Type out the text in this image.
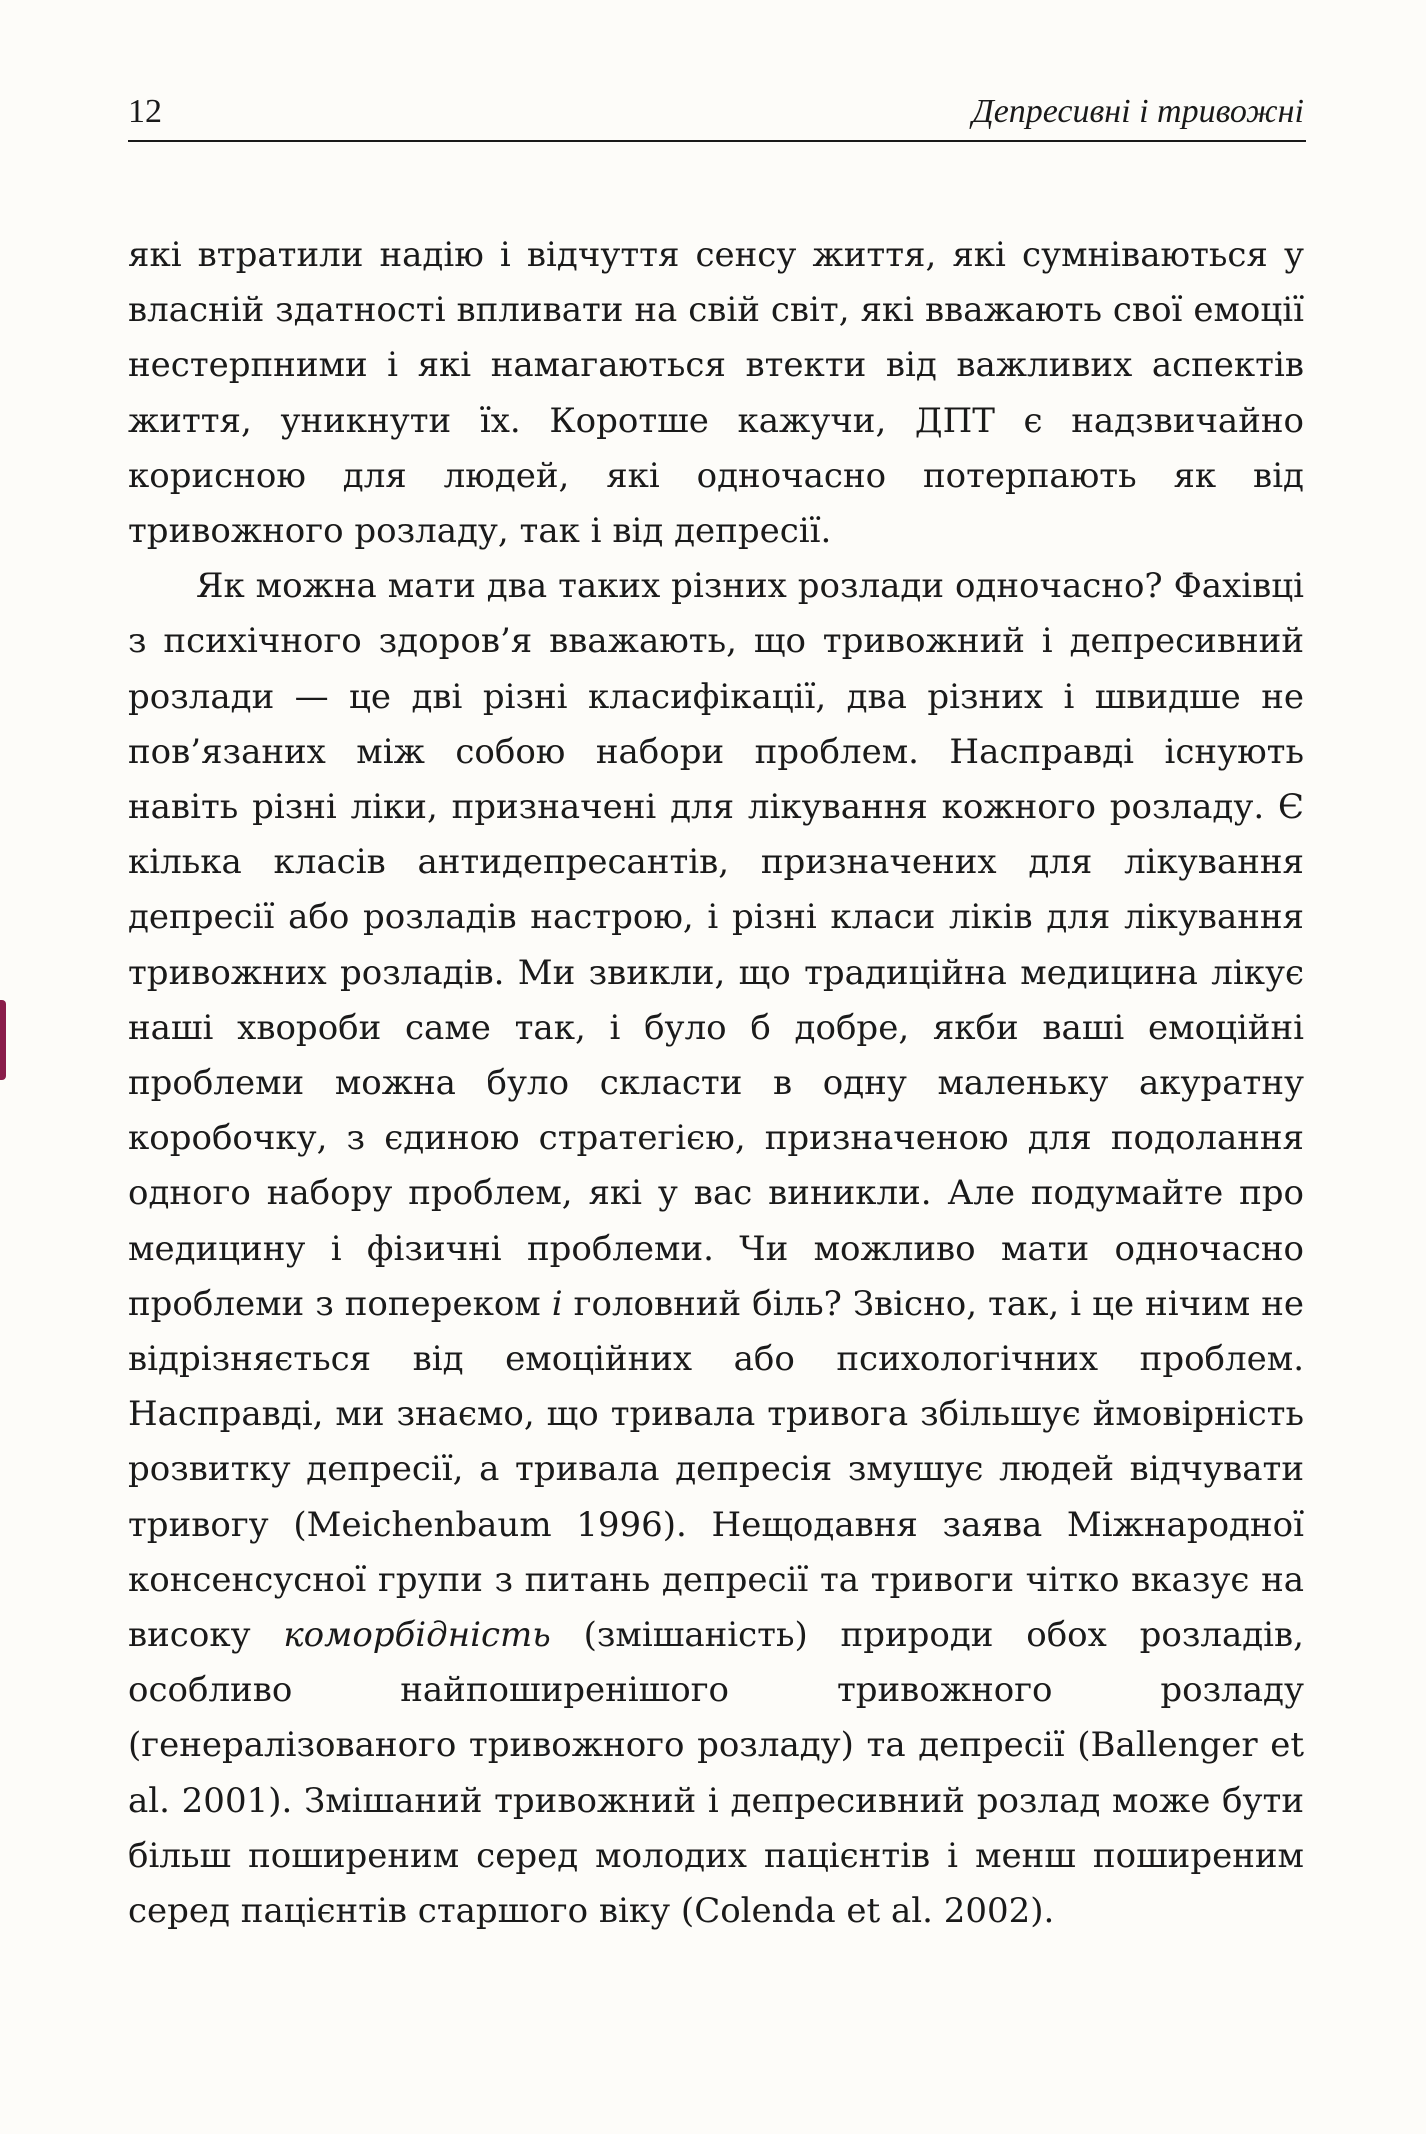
12	Депресивні і тривожні

які втратили надію і відчуття сенсу життя, які сумніваються у власній здатності впливати на свій світ, які вважають свої емоції нестерпними і які намагаються втекти від важливих аспектів життя, уникнути їх. Коротше кажучи, ДПТ є надзвичайно корисною для людей, які одночасно потерпають як від тривожного розладу, так і від депресії.

Як можна мати два таких різних розлади одночасно? Фахівці з психічного здоров’я вважають, що тривожний і депресивний розлади — це дві різні класифікації, два різних і швидше не пов’язаних між собою набори проблем. Насправді існують навіть різні ліки, призначені для лікування кожного розладу. Є кілька класів антидепресантів, призначених для лікування депресії або розладів настрою, і різні класи ліків для лікування тривожних розладів. Ми звикли, що традиційна медицина лікує наші хвороби саме так, і було б добре, якби ваші емоційні проблеми можна було скласти в одну маленьку акуратну коробочку, з єдиною стратегією, призначеною для подолання одного набору проблем, які у вас виникли. Але подумайте про медицину і фізичні проблеми. Чи можливо мати одночасно проблеми з попереком і головний біль? Звісно, так, і це нічим не відрізняється від емоційних або психологічних проблем. Насправді, ми знаємо, що тривала тривога збільшує ймовірність розвитку депресії, а тривала депресія змушує людей відчувати тривогу (Meichenbaum 1996). Нещодавня заява Міжнародної консенсусної групи з питань депресії та тривоги чітко вказує на високу коморбідність (змішаність) природи обох розладів, особливо найпоширенішого тривожного розладу (генералізованого тривожного розладу) та депресії (Ballenger et al. 2001). Змішаний тривожний і депресивний розлад може бути більш поширеним серед молодих пацієнтів і менш поширеним серед пацієнтів старшого віку (Colenda et al. 2002).
